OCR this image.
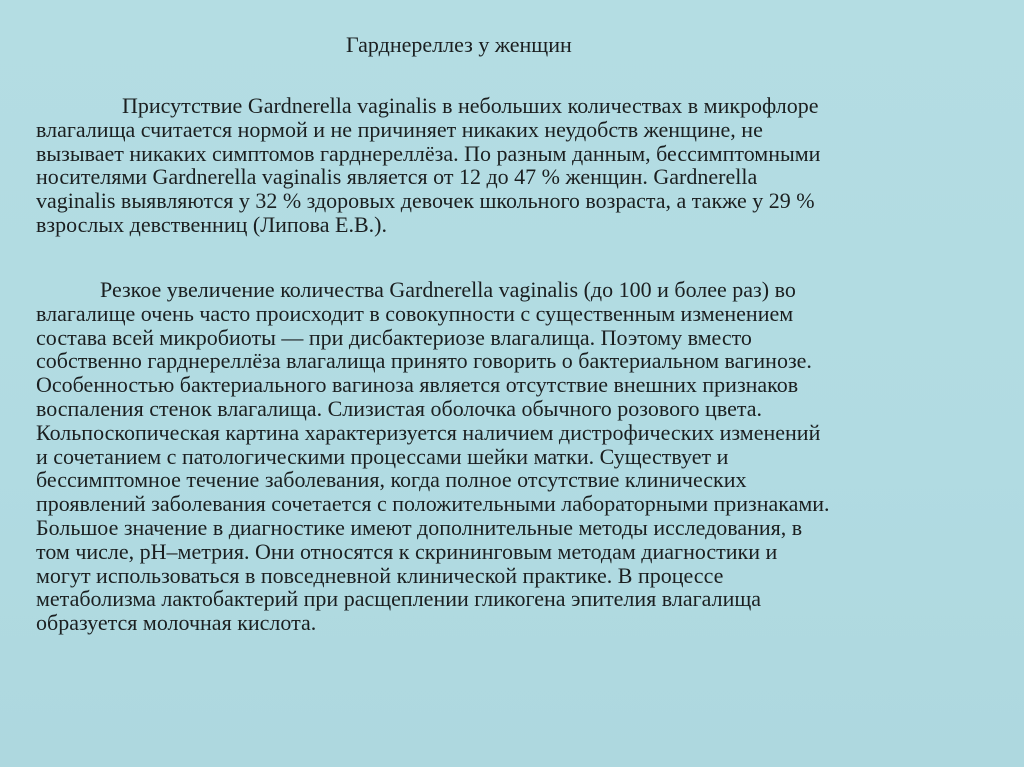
Гарднереллез у женщин
Присутствие Gardnerella vaginalis в небольших количествах в микрофлоре
влагалища считается нормой и не причиняет никаких неудобств женщине, не
вызывает никаких симптомов гарднереллёза. По разным данным, бессимптомными
носителями Gardnerella vaginalis является от 12 до 47 % женщин. Gardnerella
vaginalis выявляются у 32 % здоровых девочек школьного возраста, а также у 29 %
взрослых девственниц (Липова Е.В.).
Резкое увеличение количества Gardnerella vaginalis (до 100 и более раз) во
влагалище очень часто происходит в совокупности с существенным изменением
состава всей микробиоты — при дисбактериозе влагалища. Поэтому вместо
собственно гарднереллёза влагалища принято говорить о бактериальном вагинозе.
Особенностью бактериального вагиноза является отсутствие внешних признаков
воспаления стенок влагалища. Слизистая оболочка обычного розового цвета.
Кольпоскопическая картина характеризуется наличием дистрофических изменений
и сочетанием с патологическими процессами шейки матки. Существует и
бессимптомное течение заболевания, когда полное отсутствие клинических
проявлений заболевания сочетается с положительными лабораторными признаками.
Большое значение в диагностике имеют дополнительные методы исследования, в
том числе, рН–метрия. Они относятся к скрининговым методам диагностики и
могут использоваться в повседневной клинической практике. В процессе
метаболизма лактобактерий при расщеплении гликогена эпителия влагалища
образуется молочная кислота.
